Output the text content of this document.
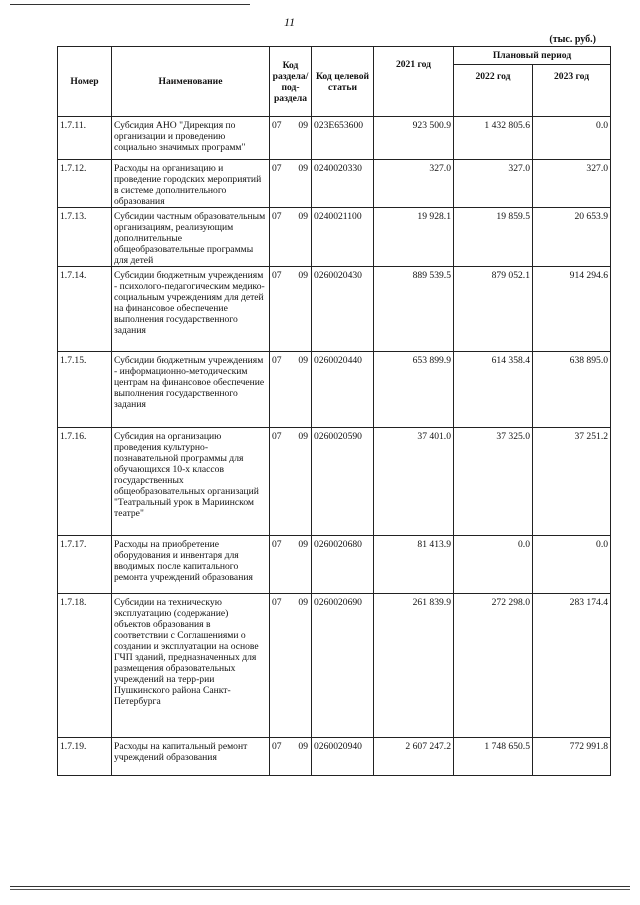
11
(тыс. руб.)
Номер	Наименование	Код раздела/ под- раздела	Код целевой статьи	2021 год	Плановый период	
					2022 год	2023 год
1.7.11.	Субсидия АНО "Дирекция по организации и проведению социально значимых программ"	07 09	023Е653600	923 500.9	1 432 805.6	0.0
1.7.12.	Расходы на организацию и проведение городских мероприятий в системе дополнительного образования	07 09	0240020330	327.0	327.0	327.0
1.7.13.	Субсидии частным образовательным организациям, реализующим дополнительные общеобразовательные программы для детей	07 09	0240021100	19 928.1	19 859.5	20 653.9
1.7.14.	Субсидии бюджетным учреждениям - психолого-педагогическим медико-социальным учреждениям для детей на финансовое обеспечение выполнения государственного задания	07 09	0260020430	889 539.5	879 052.1	914 294.6
1.7.15.	Субсидии бюджетным учреждениям - информационно-методическим центрам на финансовое обеспечение выполнения государственного задания	07 09	0260020440	653 899.9	614 358.4	638 895.0
1.7.16.	Субсидия на организацию проведения культурно-познавательной программы для обучающихся 10-х классов государственных общеобразовательных организаций "Театральный урок в Мариинском театре"	07 09	0260020590	37 401.0	37 325.0	37 251.2
1.7.17.	Расходы на приобретение оборудования и инвентаря для вводимых после капитального ремонта учреждений образования	07 09	0260020680	81 413.9	0.0	0.0
1.7.18.	Субсидии на техническую эксплуатацию (содержание) объектов образования в соответствии с Соглашениями о создании и эксплуатации на основе ГЧП зданий, предназначенных для размещения образовательных учреждений на терр-рии Пушкинского района Санкт-Петербурга	07 09	0260020690	261 839.9	272 298.0	283 174.4
1.7.19.	Расходы на капитальный ремонт учреждений образования	07 09	0260020940	2 607 247.2	1 748 650.5	772 991.8
